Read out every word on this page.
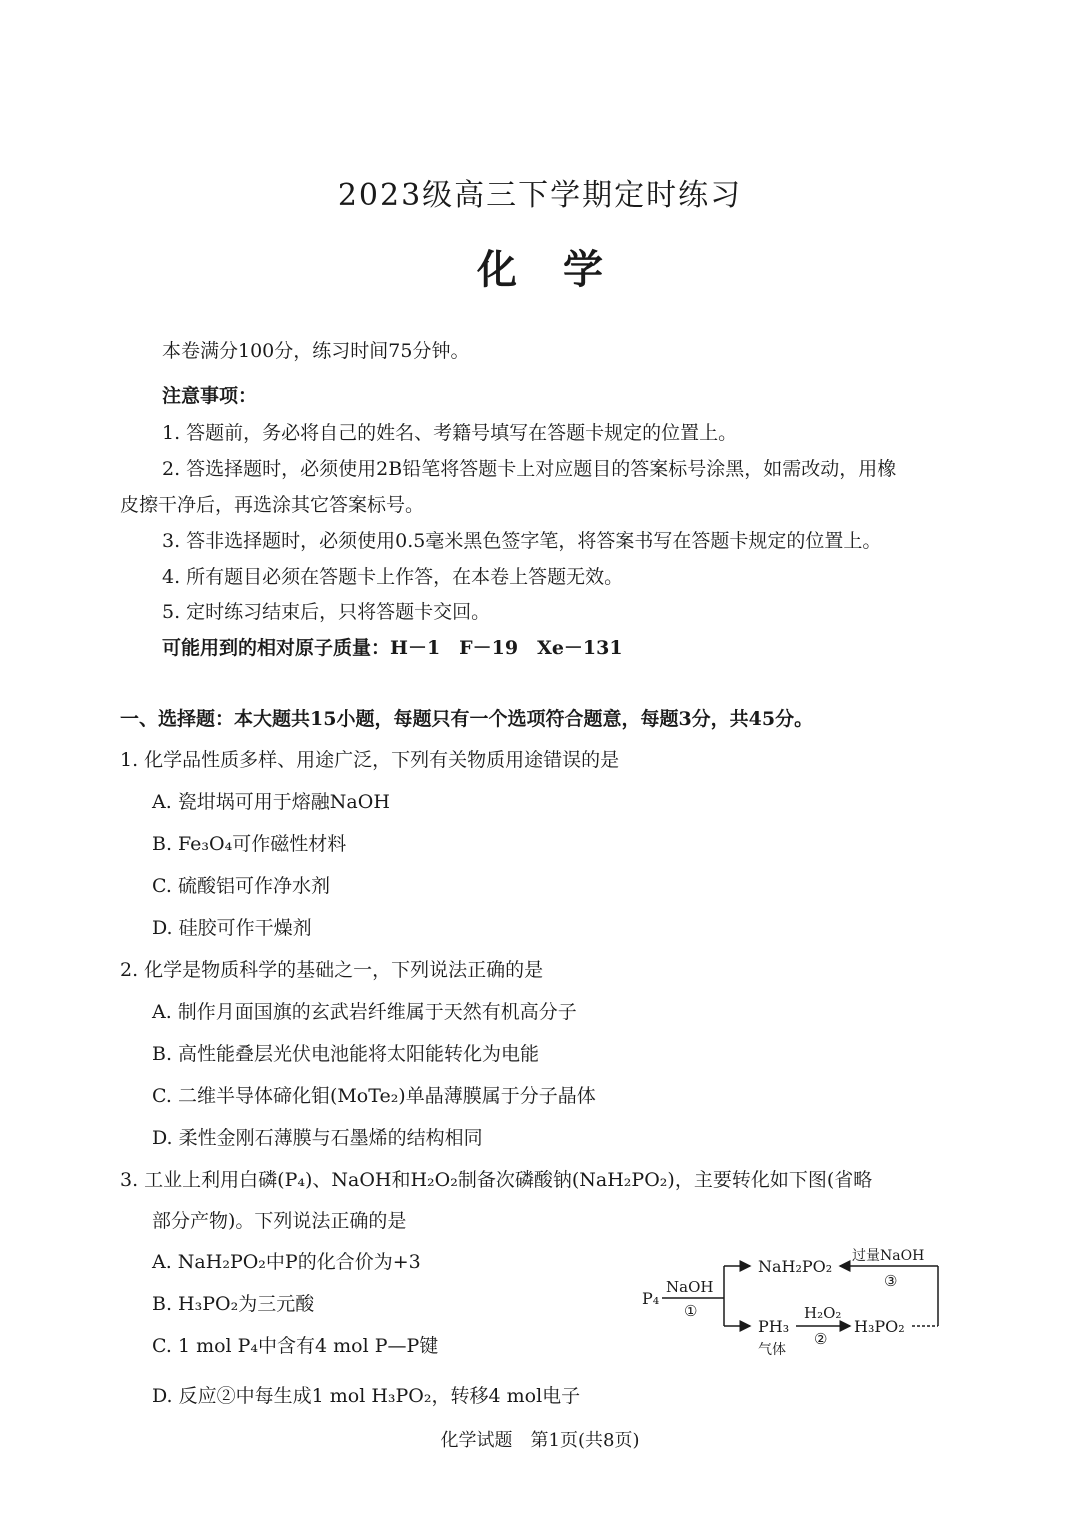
2023级高三下学期定时练习
化学
本卷满分100分，练习时间75分钟。
注意事项：
1. 答题前，务必将自己的姓名、考籍号填写在答题卡规定的位置上。
2. 答选择题时，必须使用2B铅笔将答题卡上对应题目的答案标号涂黑，如需改动，用橡
皮擦干净后，再选涂其它答案标号。
3. 答非选择题时，必须使用0.5毫米黑色签字笔，将答案书写在答题卡规定的位置上。
4. 所有题目必须在答题卡上作答，在本卷上答题无效。
5. 定时练习结束后，只将答题卡交回。
可能用到的相对原子质量：H－1　F－19　Xe－131
一、选择题：本大题共15小题，每题只有一个选项符合题意，每题3分，共45分。
1. 化学品性质多样、用途广泛，下列有关物质用途错误的是
A. 瓷坩埚可用于熔融NaOH
B. Fe₃O₄可作磁性材料
C. 硫酸铝可作净水剂
D. 硅胶可作干燥剂
2. 化学是物质科学的基础之一，下列说法正确的是
A. 制作月面国旗的玄武岩纤维属于天然有机高分子
B. 高性能叠层光伏电池能将太阳能转化为电能
C. 二维半导体碲化钼(MoTe₂)单晶薄膜属于分子晶体
D. 柔性金刚石薄膜与石墨烯的结构相同
3. 工业上利用白磷(P₄)、NaOH和H₂O₂制备次磷酸钠(NaH₂PO₂)，主要转化如下图(省略
部分产物)。下列说法正确的是
A. NaH₂PO₂中P的化合价为+3
B. H₃PO₂为三元酸
C. 1 mol P₄中含有4 mol P—P键
D. 反应②中每生成1 mol H₃PO₂，转移4 mol电子
P₄
NaOH
①
NaH₂PO₂
过量NaOH
③
PH₃
气体
H₂O₂
②
H₃PO₂
化学试题　第1页(共8页)
